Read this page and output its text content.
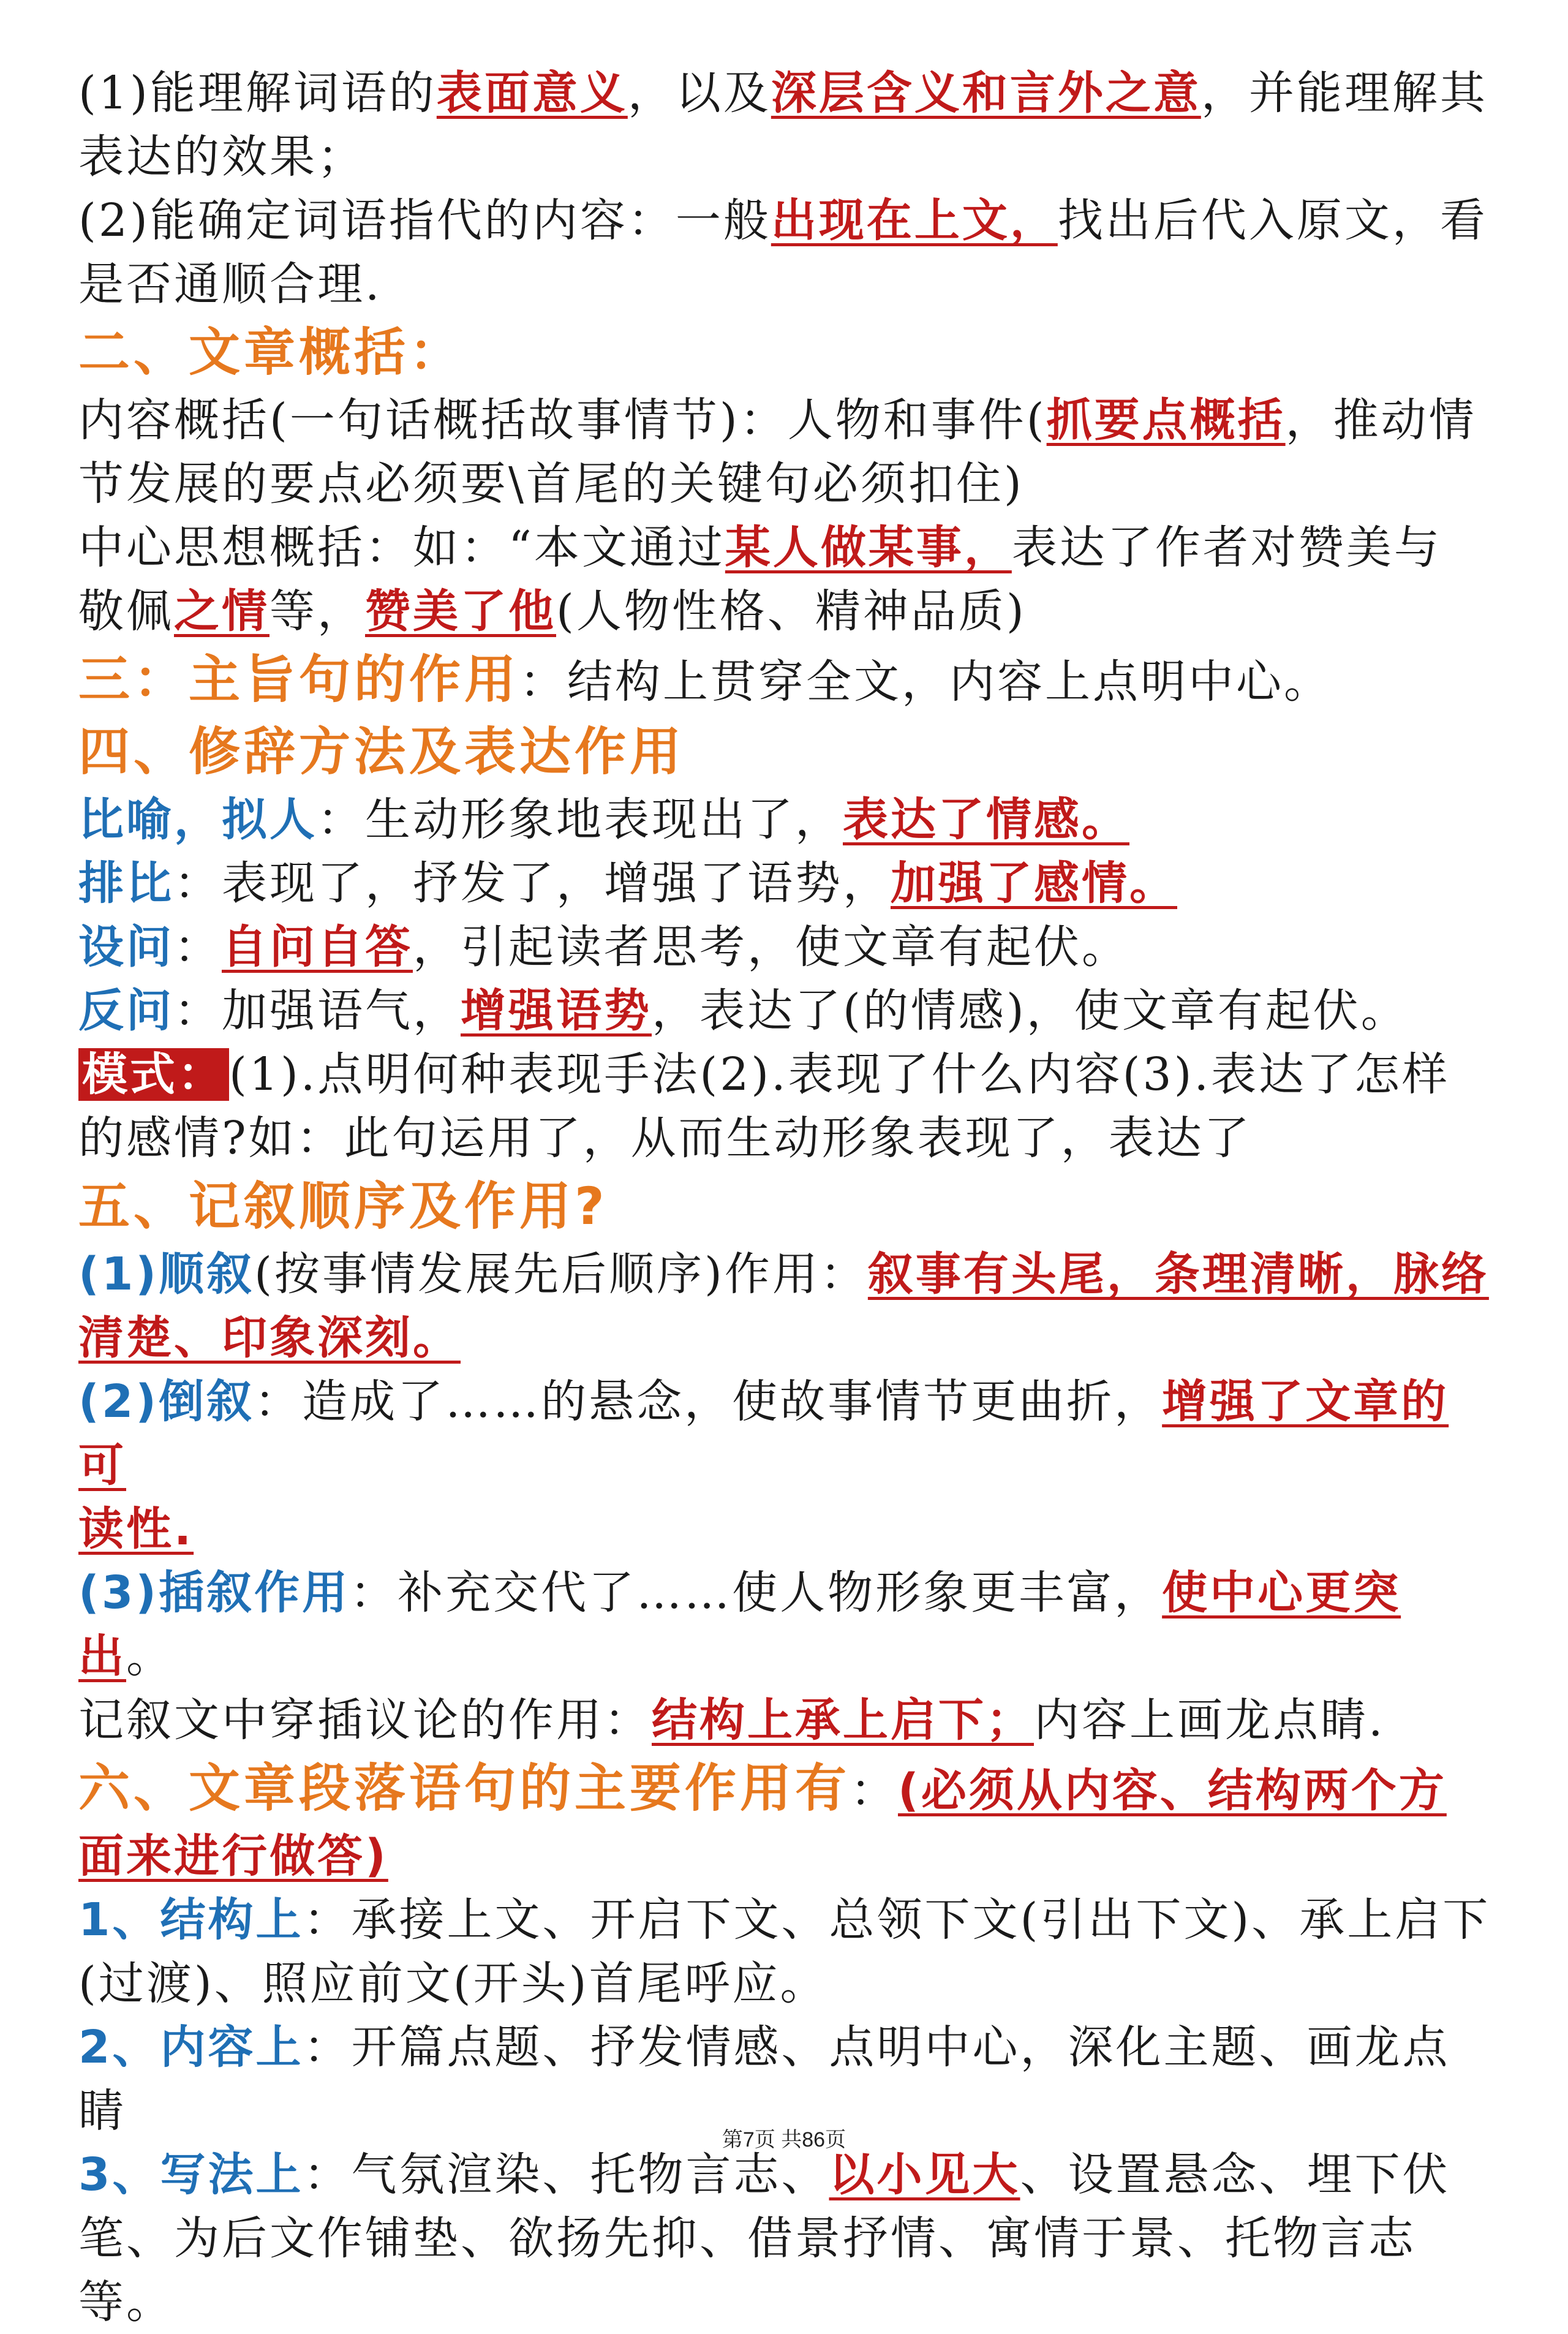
(1)能理解词语的表面意义，以及深层含义和言外之意，并能理解其

表达的效果；

(2)能确定词语指代的内容：一般出现在上文，找出后代入原文，看

是否通顺合理.

二、文章概括：

内容概括(一句话概括故事情节)：人物和事件(抓要点概括，推动情

节发展的要点必须要\首尾的关键句必须扣住)

中心思想概括：如：“本文通过某人做某事，表达了作者对赞美与

敬佩之情等，赞美了他(人物性格、精神品质)

三：主旨句的作用：结构上贯穿全文，内容上点明中心。

四、修辞方法及表达作用

比喻，拟人：生动形象地表现出了，表达了情感。

排比：表现了，抒发了，增强了语势，加强了感情。

设问：自问自答，引起读者思考，使文章有起伏。

反问：加强语气，增强语势，表达了(的情感)，使文章有起伏。

模式：(1).点明何种表现手法(2).表现了什么内容(3).表达了怎样

的感情?如：此句运用了，从而生动形象表现了，表达了

五、记叙顺序及作用?

(1)顺叙(按事情发展先后顺序)作用：叙事有头尾，条理清晰，脉络

清楚、印象深刻。

(2)倒叙：造成了……的悬念，使故事情节更曲折，增强了文章的可

读性.

(3)插叙作用：补充交代了……使人物形象更丰富，使中心更突出。

记叙文中穿插议论的作用：结构上承上启下；内容上画龙点睛.

六、文章段落语句的主要作用有：(必须从内容、结构两个方

面来进行做答)

1、结构上：承接上文、开启下文、总领下文(引出下文)、承上启下

(过渡)、照应前文(开头)首尾呼应。

2、内容上：开篇点题、抒发情感、点明中心，深化主题、画龙点睛

3、写法上：气氛渲染、托物言志、以小见大、设置悬念、埋下伏

笔、为后文作铺垫、欲扬先抑、借景抒情、寓情于景、托物言志

等。

第7页 共86页
